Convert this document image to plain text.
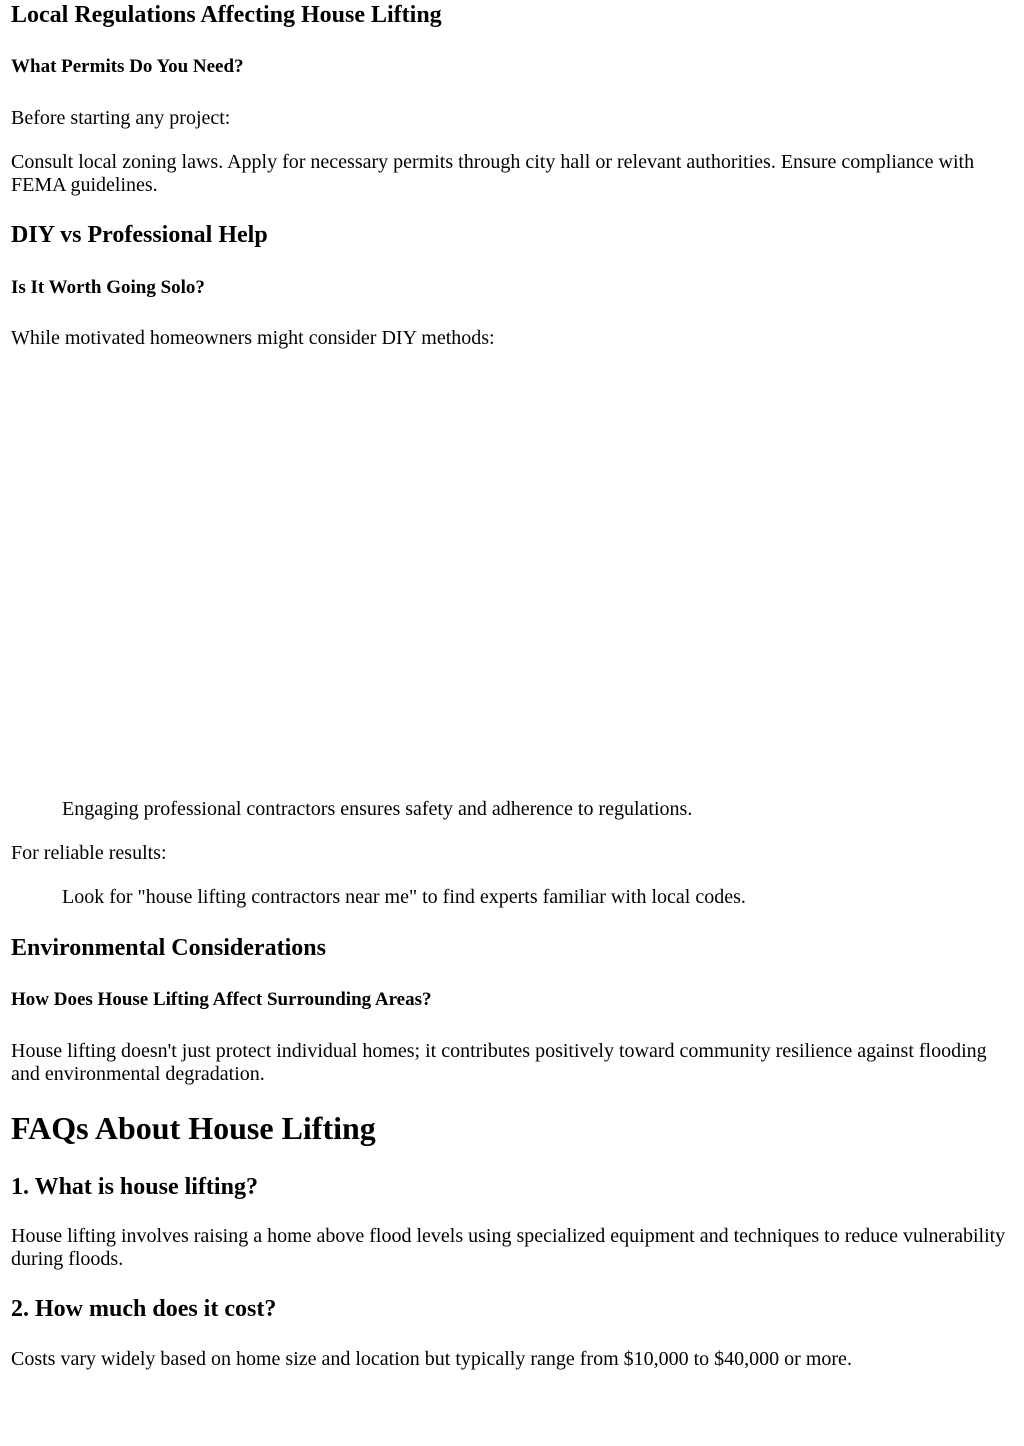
Local Regulations Affecting House Lifting
What Permits Do You Need?

Before starting any project:

Consult local zoning laws. Apply for necessary permits through city hall or relevant authorities. Ensure compliance with FEMA guidelines.

DIY vs Professional Help
Is It Worth Going Solo?

While motivated homeowners might consider DIY methods:

Engaging professional contractors ensures safety and adherence to regulations.

For reliable results:

Look for "house lifting contractors near me" to find experts familiar with local codes.

Environmental Considerations
How Does House Lifting Affect Surrounding Areas?

House lifting doesn't just protect individual homes; it contributes positively toward community resilience against flooding and environmental degradation.

FAQs About House Lifting
1. What is house lifting?

House lifting involves raising a home above flood levels using specialized equipment and techniques to reduce vulnerability during floods.

2. How much does it cost?

Costs vary widely based on home size and location but typically range from $10,000 to $40,000 or more.
